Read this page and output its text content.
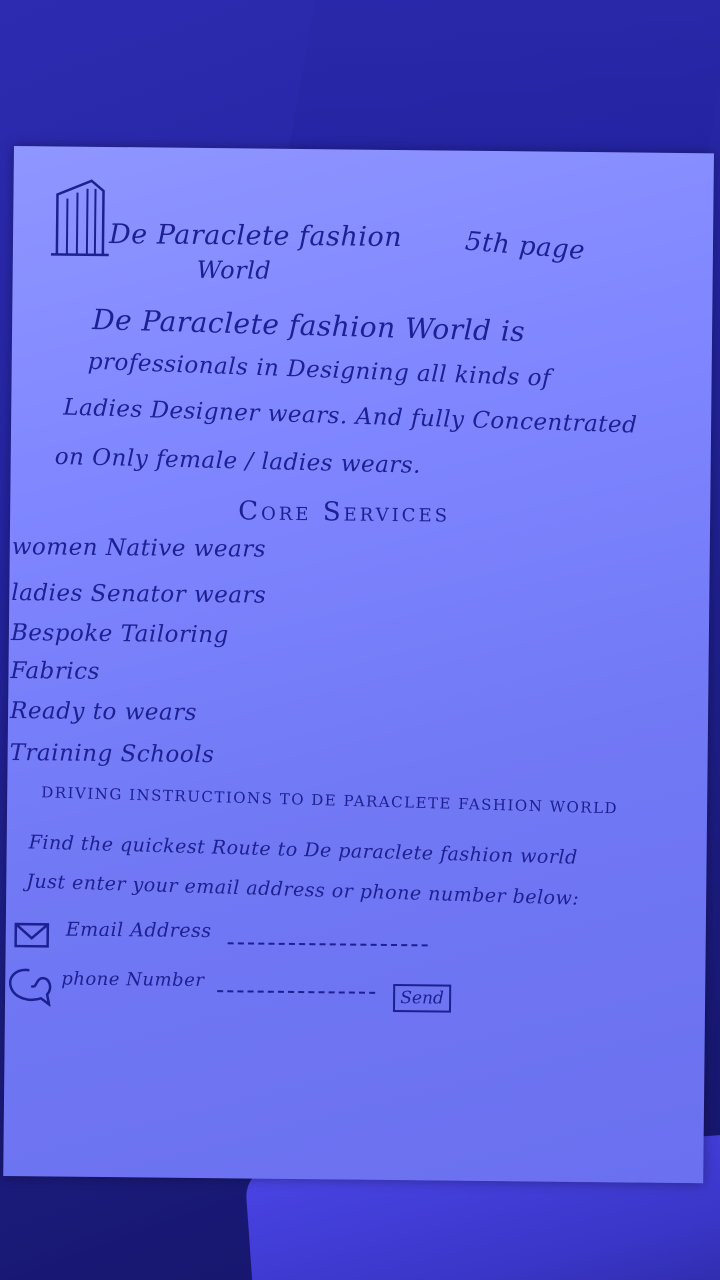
De Paraclete fashion
World
5th page
De Paraclete fashion World is
professionals in Designing all kinds of
Ladies Designer wears. And fully Concentrated
on Only female / ladies wears.
Core Services
women Native wears
ladies Senator wears
Bespoke Tailoring
Fabrics
Ready to wears
Training Schools
DRIVING INSTRUCTIONS TO DE PARACLETE FASHION WORLD
Find the quickest Route to De paraclete fashion world
Just enter your email address or phone number below:
Email Address
phone Number
Send
